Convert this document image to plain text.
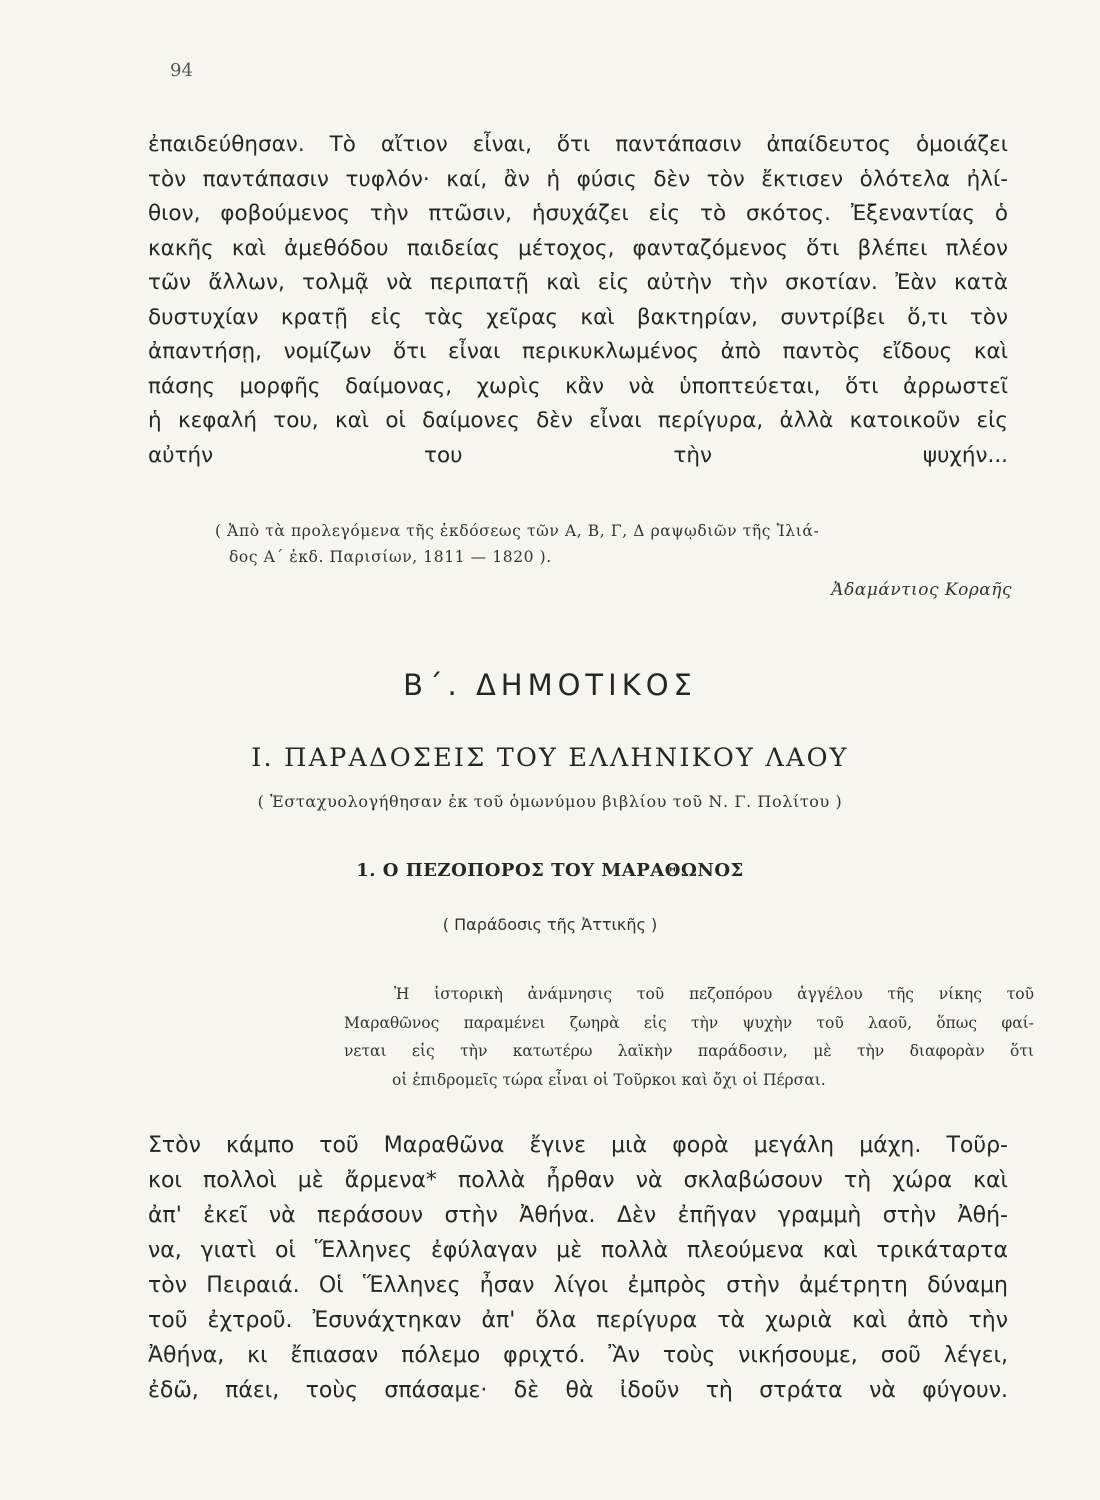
94
ἐπαιδεύθησαν. Τὸ αἴτιον εἶναι, ὅτι παντάπασιν ἀπαίδευτος ὁμοιάζει
τὸν παντάπασιν τυφλόν· καί, ἂν ἡ φύσις δὲν τὸν ἔκτισεν ὁλότελα ἠλί-
θιον, φοβούμενος τὴν πτῶσιν, ἡσυχάζει εἰς τὸ σκότος. Ἐξεναντίας ὁ
κακῆς καὶ ἀμεθόδου παιδείας μέτοχος, φανταζόμενος ὅτι βλέπει πλέον
τῶν ἄλλων, τολμᾷ νὰ περιπατῇ καὶ εἰς αὐτὴν τὴν σκοτίαν. Ἐὰν κατὰ
δυστυχίαν κρατῇ εἰς τὰς χεῖρας καὶ βακτηρίαν, συντρίβει ὅ,τι τὸν
ἀπαντήσῃ, νομίζων ὅτι εἶναι περικυκλωμένος ἀπὸ παντὸς εἴδους καὶ
πάσης μορφῆς δαίμονας, χωρὶς κἂν νὰ ὑποπτεύεται, ὅτι ἀρρωστεῖ
ἡ κεφαλή του, καὶ οἱ δαίμονες δὲν εἶναι περίγυρα, ἀλλὰ κατοικοῦν εἰς
αὐτήν του τὴν ψυχήν...
( Ἀπὸ τὰ προλεγόμενα τῆς ἐκδόσεως τῶν Α, Β, Γ, Δ ραψῳδιῶν τῆς Ἰλιά-
δος Α΄ ἐκδ. Παρισίων, 1811 — 1820 ).
Ἀδαμάντιος Κοραῆς
Β΄. ΔΗΜΟΤΙΚΟΣ
Ι. ΠΑΡΑΔΟΣΕΙΣ ΤΟΥ ΕΛΛΗΝΙΚΟΥ ΛΑΟΥ
( Ἐσταχυολογήθησαν ἐκ τοῦ ὁμωνύμου βιβλίου τοῦ Ν. Γ. Πολίτου )
1. Ο ΠΕΖΟΠΟΡΟΣ ΤΟΥ ΜΑΡΑΘΩΝΟΣ
( Παράδοσις τῆς Ἀττικῆς )
Ἡ ἱστορικὴ ἀνάμνησις τοῦ πεζοπόρου ἀγγέλου τῆς νίκης τοῦ
Μαραθῶνος παραμένει ζωηρὰ εἰς τὴν ψυχὴν τοῦ λαοῦ, ὅπως φαί-
νεται εἰς τὴν κατωτέρω λαϊκὴν παράδοσιν, μὲ τὴν διαφορὰν ὅτι
οἱ ἐπιδρομεῖς τώρα εἶναι οἱ Τοῦρκοι καὶ ὄχι οἱ Πέρσαι.
Στὸν κάμπο τοῦ Μαραθῶνα ἔγινε μιὰ φορὰ μεγάλη μάχη. Τοῦρ-
κοι πολλοὶ μὲ ἄρμενα* πολλὰ ἦρθαν νὰ σκλαβώσουν τὴ χώρα καὶ
ἀπ' ἐκεῖ νὰ περάσουν στὴν Ἀθήνα. Δὲν ἐπῆγαν γραμμὴ στὴν Ἀθή-
να, γιατὶ οἱ Ἕλληνες ἐφύλαγαν μὲ πολλὰ πλεούμενα καὶ τρικάταρτα
τὸν Πειραιά. Οἱ Ἕλληνες ἦσαν λίγοι ἐμπρὸς στὴν ἀμέτρητη δύναμη
τοῦ ἐχτροῦ. Ἐσυνάχτηκαν ἀπ' ὅλα περίγυρα τὰ χωριὰ καὶ ἀπὸ τὴν
Ἀθήνα, κι ἔπιασαν πόλεμο φριχτό. Ἂν τοὺς νικήσουμε, σοῦ λέγει,
ἐδῶ, πάει, τοὺς σπάσαμε· δὲ θὰ ἰδοῦν τὴ στράτα νὰ φύγουν.
